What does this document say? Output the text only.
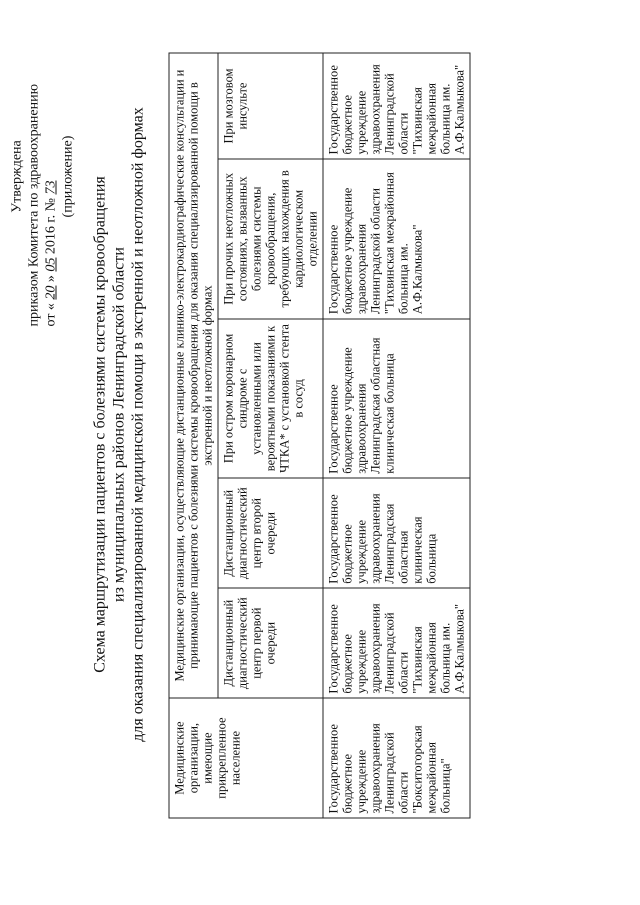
Утверждена приказом Комитета по здравоохранению от « 20 » 05 2016 г. № 73 (приложение) Схема маршрутизации пациентов с болезнями системы кровообращения из муниципальных районов Ленинградской области для оказания специализированной медицинской помощи в экстренной и неотложной формах
Медицинские организации, имеющие прикрепленное население	Медицинские организации, осуществляющие дистанционные клинико-электрокардиографические консультации и принимающие пациентов с болезнями системы кровообращения для оказания специализированной помощи в экстренной и неотложной формах				
	Дистанционный диагностический центр первой очереди	Дистанционный диагностический центр второй очереди	При остром коронарном синдроме с установленными или вероятными показаниями к ЧТКА* с установкой стента в сосуд	При прочих неотложных состояниях, вызванных болезнями системы кровообращения, требующих нахождения в кардиологическом отделении	При мозговом инсульте
Государственное бюджетное учреждение здравоохранения Ленинградской области "Бокситогорская межрайонная больница"	Государственное бюджетное учреждение здравоохранения Ленинградской области "Тихвинская межрайонная больница им. А.Ф.Калмыкова"	Государственное бюджетное учреждение здравоохранения Ленинградская областная клиническая больница	Государственное бюджетное учреждение здравоохранения Ленинградская областная клиническая больница	Государственное бюджетное учреждение здравоохранения Ленинградской области "Тихвинская межрайонная больница им. А.Ф.Калмыкова"	Государственное бюджетное учреждение здравоохранения Ленинградской области "Тихвинская межрайонная больница им. А.Ф.Калмыкова"
